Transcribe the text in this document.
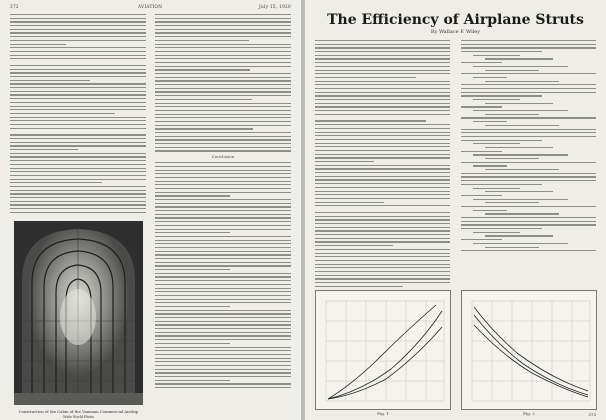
372	AVIATION	July 15, 1920
Conclusion
Construction of the Cabin of the Vaniman Commercial Airship
Wide World Photo
The Efficiency of Airplane Struts
By Wallace F. Wiley
Fig. 1	Fig. 2	373
